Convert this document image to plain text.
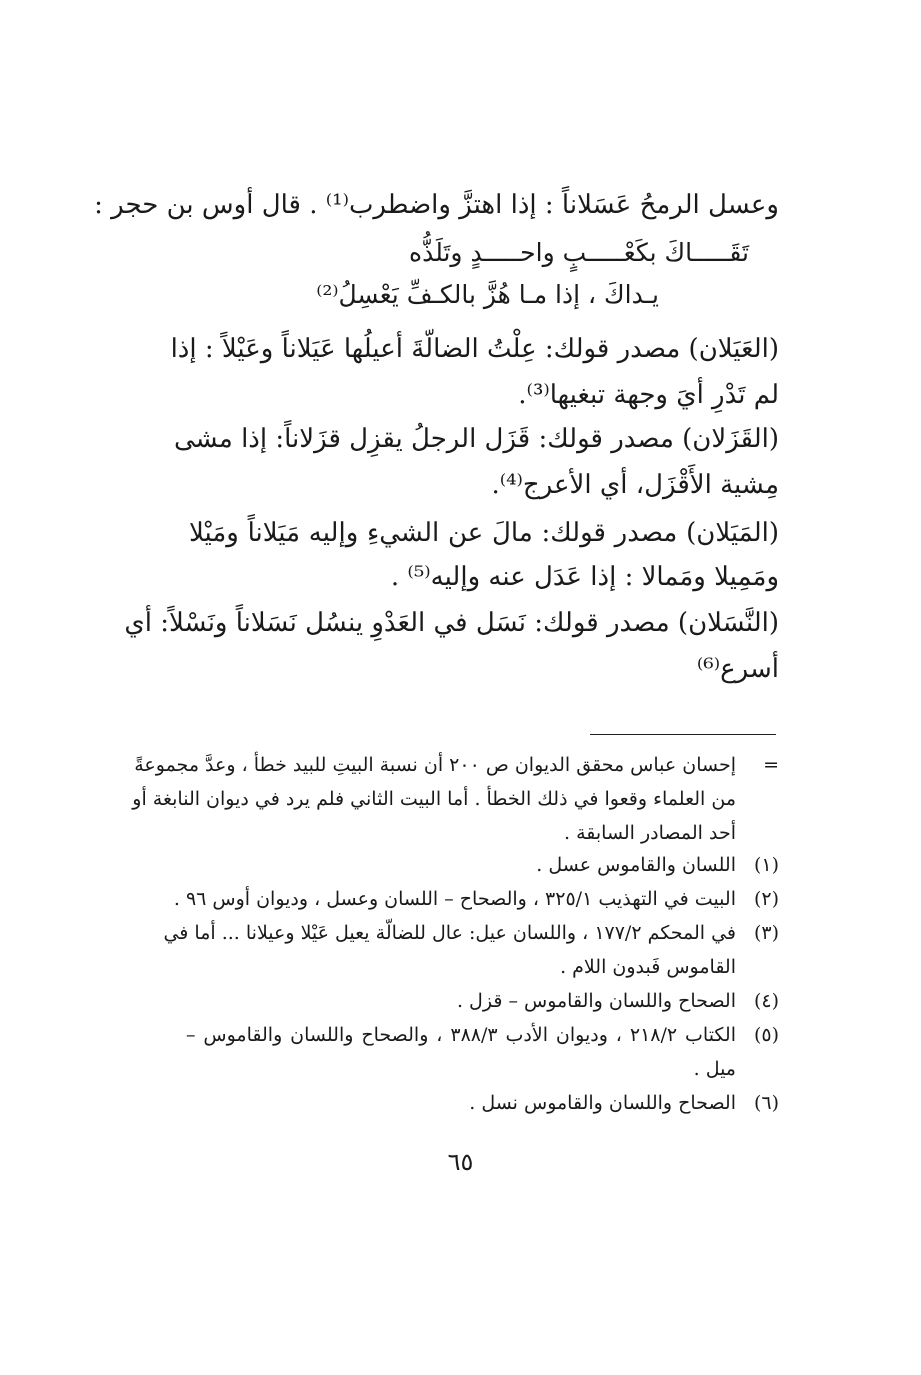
وعسل الرمحُ عَسَلاناً : إذا اهتزَّ واضطرب⁽¹⁾ . قال أوس بن حجر :
تَقَـــــاكَ بكَعْـــــبٍ واحـــــدٍ وتَلَذُّه
يـداكَ ، إذا مـا هُزَّ بالكـفِّ يَعْسِلُ⁽²⁾
(العَيَلان) مصدر قولك: عِلْتُ الضالّةَ أعيلُها عَيَلاناً وعَيْلاً : إذا
لم تَدْرِ أيَ وجهة تبغيها⁽³⁾.
(القَزَلان) مصدر قولك: قَزَل الرجلُ يقزِل قزَلاناً: إذا مشى
مِشية الأَقْزَل، أي الأعرج⁽⁴⁾.
(المَيَلان) مصدر قولك: مالَ عن الشيءِ وإليه مَيَلاناً ومَيْلا
ومَمِيلا ومَمالا : إذا عَدَل عنه وإليه⁽⁵⁾ .
(النَّسَلان) مصدر قولك: نَسَل في العَدْوِ ينسُل نَسَلاناً ونَسْلاً: أي
أسرع⁽⁶⁾
=
إحسان عباس محقق الديوان ص ٢٠٠ أن نسبة البيتِ للبيد خطأ ، وعدَّ مجموعةً
من العلماء وقعوا في ذلك الخطأ . أما البيت الثاني فلم يرد في ديوان النابغة أو
أحد المصادر السابقة .
(١)
اللسان والقاموس عسل .
(٢)
البيت في التهذيب ٣٢٥/١ ، والصحاح – اللسان وعسل ، وديوان أوس ٩٦ .
(٣)
في المحكم ١٧٧/٢ ، واللسان عيل: عال للضالّة يعيل عَيْلا وعيلانا ... أما في
القاموس فَبدون اللام .
(٤)
الصحاح واللسان والقاموس – قزل .
(٥)
الكتاب ٢١٨/٢ ، وديوان الأدب ٣٨٨/٣ ، والصحاح واللسان والقاموس –
ميل .
(٦)
الصحاح واللسان والقاموس نسل .
٦٥
